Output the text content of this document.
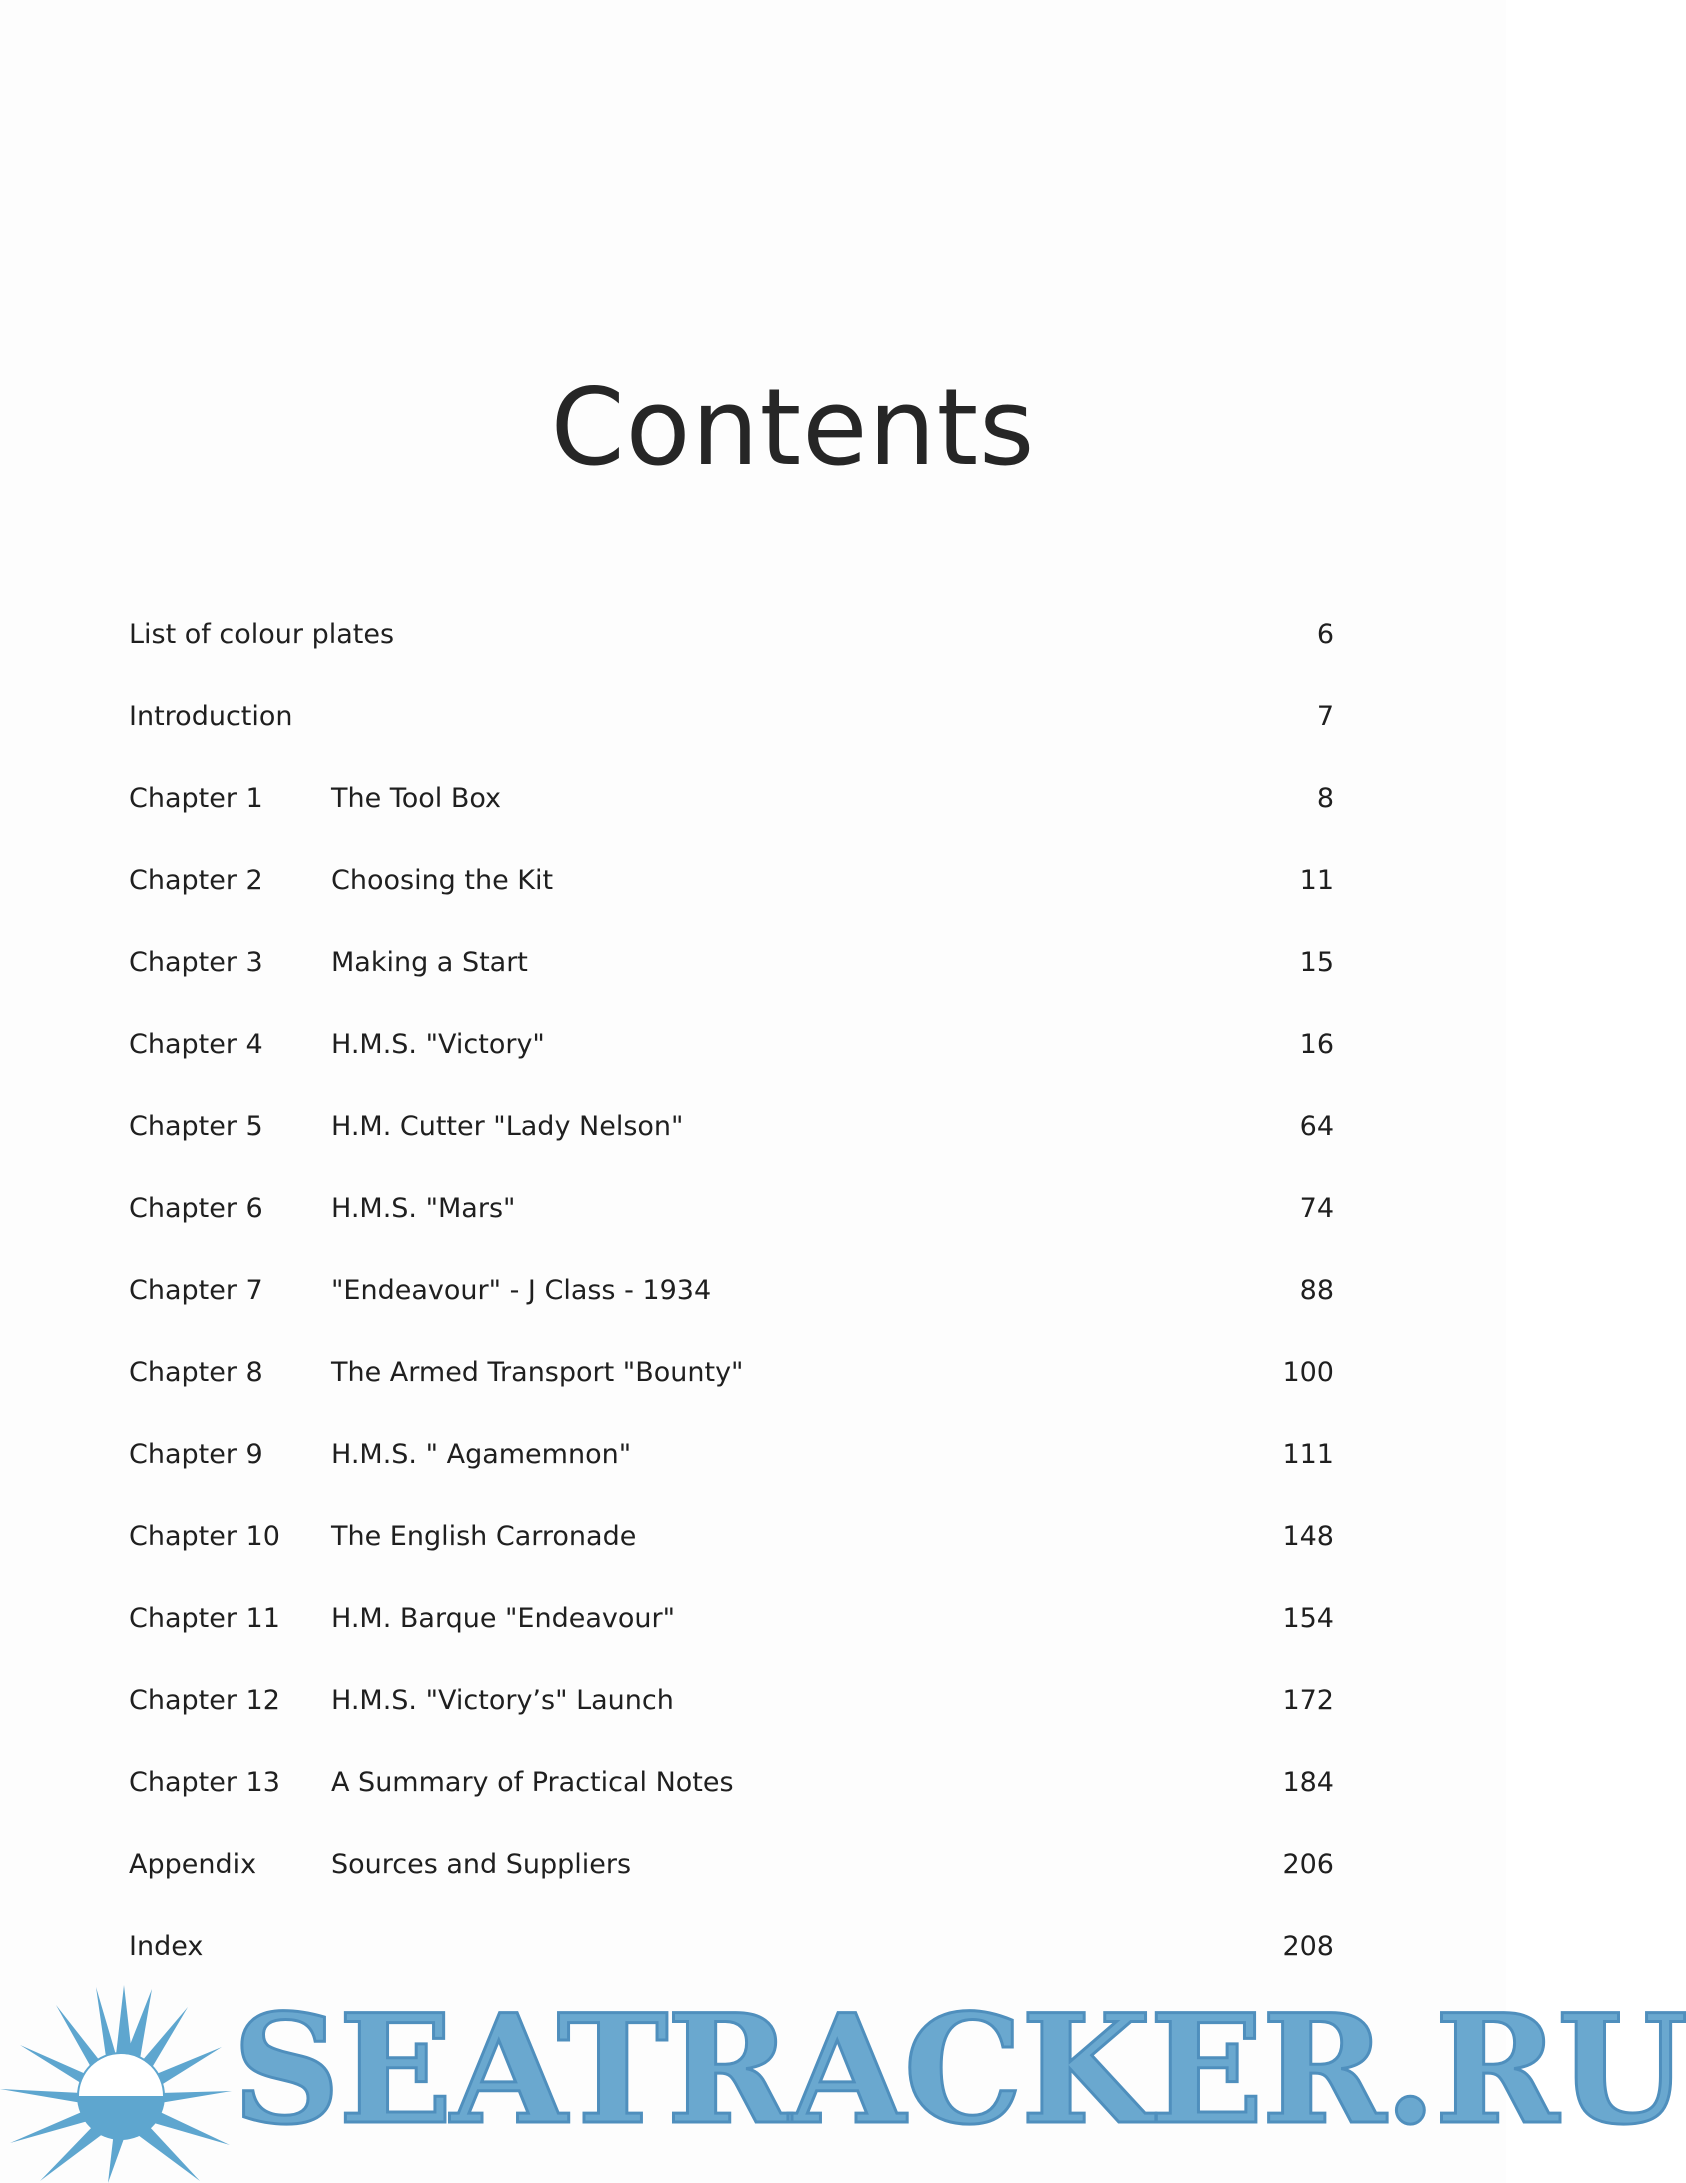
Contents
List of colour plates	6
Introduction	7
Chapter 1	The Tool Box	8
Chapter 2	Choosing the Kit	11
Chapter 3	Making a Start	15
Chapter 4	H.M.S. "Victory"	16
Chapter 5	H.M. Cutter "Lady Nelson"	64
Chapter 6	H.M.S. "Mars"	74
Chapter 7	"Endeavour" - J Class - 1934	88
Chapter 8	The Armed Transport "Bounty"	100
Chapter 9	H.M.S. " Agamemnon"	111
Chapter 10 The English Carronade	148
Chapter 11 H.M. Barque "Endeavour"	154
Chapter 12 H.M.S. "Victory’s" Launch	172
Chapter 13 A Summary of Practical Notes	184
Appendix	Sources and Suppliers	206
Index	208
SEATRACKER.RU
